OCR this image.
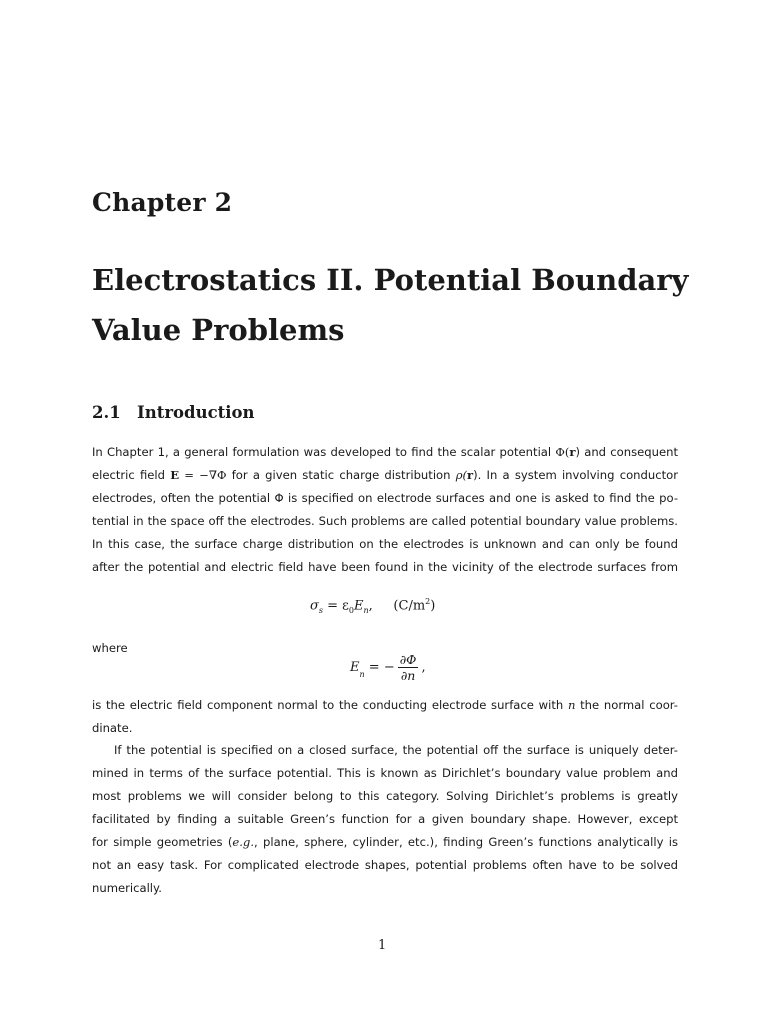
Chapter 2
Electrostatics II. Potential Boundary
Value Problems
2.1 Introduction
In Chapter 1, a general formulation was developed to find the scalar potential Φ(r) and consequent
electric field E = −∇Φ for a given static charge distribution ρ(r). In a system involving conductor
electrodes, often the potential Φ is specified on electrode surfaces and one is asked to find the po-
tential in the space off the electrodes. Such problems are called potential boundary value problems.
In this case, the surface charge distribution on the electrodes is unknown and can only be found
after the potential and electric field have been found in the vicinity of the electrode surfaces from
$\sigma_s = \varepsilon_0E_n$,     $(C/m^2)$
where
$E_n$ = − $\frac{\partial\Phi}{\partial n}$ ,
is the electric field component normal to the conducting electrode surface with n the normal coor-
dinate.
If the potential is specified on a closed surface, the potential off the surface is uniquely deter-
mined in terms of the surface potential. This is known as Dirichlet’s boundary value problem and
most problems we will consider belong to this category. Solving Dirichlet’s problems is greatly
facilitated by finding a suitable Green’s function for a given boundary shape. However, except
for simple geometries (e.g., plane, sphere, cylinder, etc.), finding Green’s functions analytically is
not an easy task. For complicated electrode shapes, potential problems often have to be solved
numerically.
1
